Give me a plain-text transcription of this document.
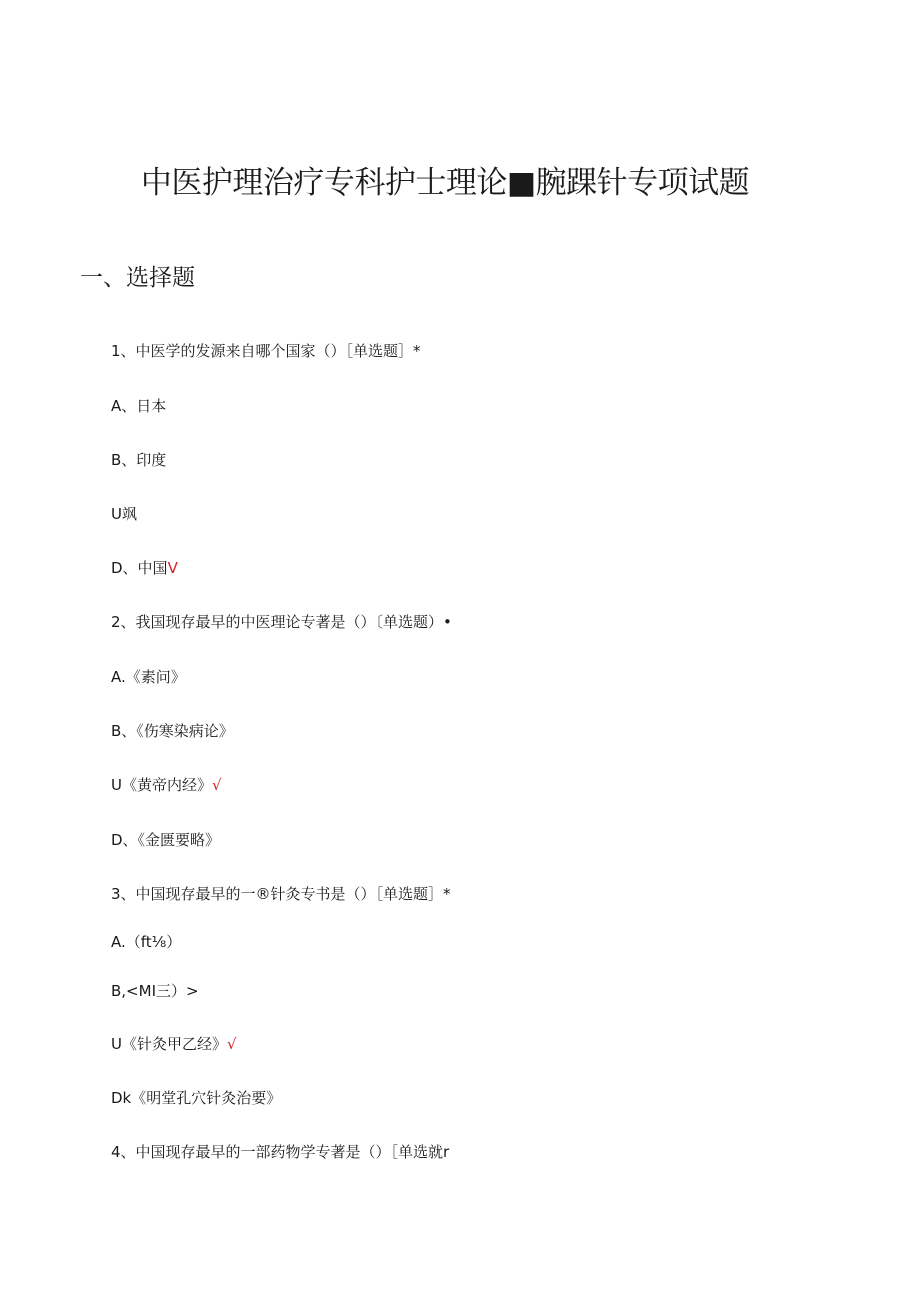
中医护理治疗专科护士理论■腕踝针专项试题
一、选择题

1、中医学的发源来自哪个国家（）［单选题］*

A、日本

B、印度

U飒

D、中国V

2、我国现存最早的中医理论专著是（）〔单选题）•

A.《素问》

B、《伤寒染病论》

U《黄帝内经》√

D、《金匮要略》

3、中国现存最早的一®针灸专书是（）［单选题］*

A.（ft⅛）

B,<MI三）>

U《针灸甲乙经》√

Dk《明堂孔穴针灸治要》

4、中国现存最早的一部药物学专著是（）［单选就r
